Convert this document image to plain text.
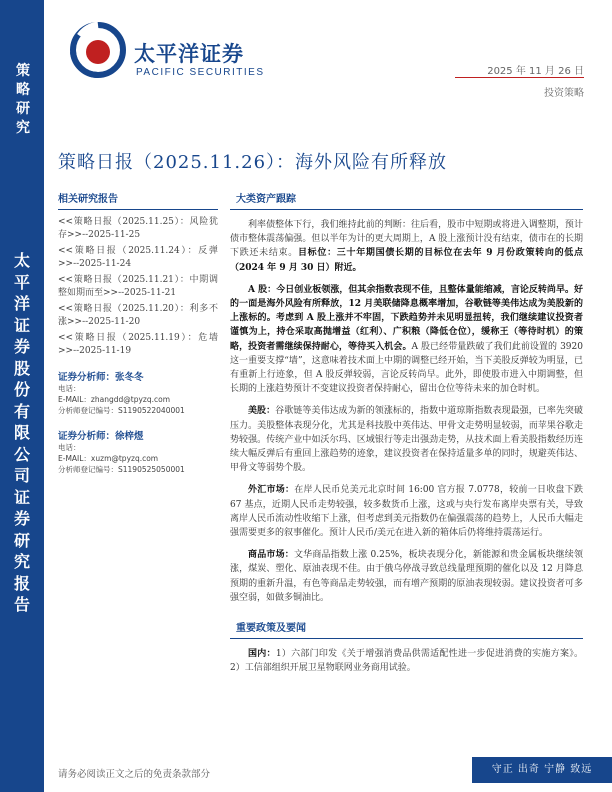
策略研究
太平洋证券股份有限公司证券研究报告
太平洋证券
PACIFIC SECURITIES	2025 年 11 月 26 日
投资策略
策略日报（2025.11.26）：海外风险有所释放
相关研究报告

<<策略日报（2025.11.25）：风险犹存>>--2025-11-25

<<策略日报（2025.11.24）：反弹>>--2025-11-24

<<策略日报（2025.11.21）：中期调整如期而至>>--2025-11-21

<<策略日报（2025.11.20）：利多不涨>>--2025-11-20

<<策略日报（2025.11.19）：危墙>>--2025-11-19

证券分析师：张冬冬
电话：
E-MAIL：zhangdd@tpyzq.com
分析师登记编号：S1190522040001
证券分析师：徐梓煜
电话：
E-MAIL：xuzm@tpyzq.com
分析师登记编号：S1190525050001
大类资产跟踪

利率债整体下行，我们维持此前的判断：往后看，股市中短期或将进入调整期，预计债市整体震荡偏强。但以半年为计的更大周期上，A 股上涨预计没有结束，债市在的长期下跌还未结束。目标位：三十年期国债长期的目标位在去年 9 月份政策转向的低点（2024 年 9 月 30 日）附近。

A 股：今日创业板领涨，但其余指数表现不佳，且整体量能缩减，言论反转尚早。好的一面是海外风险有所释放，12 月美联储降息概率增加，谷歌链等美伟达成为美股新的上涨标的。考虑到 A 股上涨并不牢固，下跌趋势并未见明显扭转，我们继续建议投资者谨慎为上，持仓采取高抛增益（红利）、广积粮（降低仓位），缓称王（等待时机）的策略，投资者需继续保持耐心，等待买入机会。A 股已经带量跌破了我们此前设置的 3920 这一重要支撑“墙”，这意味着技术面上中期的调整已经开始，当下美股反弹较为明显，已有重新上行迹象，但 A 股反弹较弱，言论反转尚早。此外，即使股市进入中期调整，但长期的上涨趋势预计不变建议投资者保持耐心，留出仓位等待未来的加仓时机。

美股：谷歌链等美伟达成为新的领涨标的，指数中道琼斯指数表现最强，已率先突破压力。美股整体表现分化，尤其是科技股中英伟达、甲骨文走势明显较弱，而苹果谷歌走势较强。传统产业中如沃尔玛、区域银行等走出强劲走势，从技术面上看美股指数经历连续大幅反弹后有重回上涨趋势的迹象，建议投资者在保持适量多单的同时，规避英伟达、甲骨文等弱势个股。

外汇市场：在岸人民币兑美元北京时间 16:00 官方报 7.0778，较前一日收盘下跌 67 基点，近期人民币走势较强，较多数货币上涨，这或与央行发布离岸央票有关，导致离岸人民币流动性收缩下上涨，但考虑到美元指数仍在偏强震荡的趋势上，人民币大幅走强需要更多的叙事催化。预计人民币/美元在进入新的箱体后仍将维持震荡运行。

商品市场：文华商品指数上涨 0.25%，板块表现分化，新能源和贵金属板块继续领涨，煤炭、塑化、原油表现不佳。由于俄乌停战寻致总线量理预期的催化以及 12 月降息预期的重新升温，有色等商品走势较强，而有增产预期的原油表现较弱。建议投资者可多强空弱，如做多铜油比。

重要政策及要闻

国内：1）六部门印发《关于增强消费品供需适配性进一步促进消费的实施方案》。2）工信部组织开展卫星物联网业务商用试验。

请务必阅读正文之后的免责条款部分	守正 出奇 宁静 致远
